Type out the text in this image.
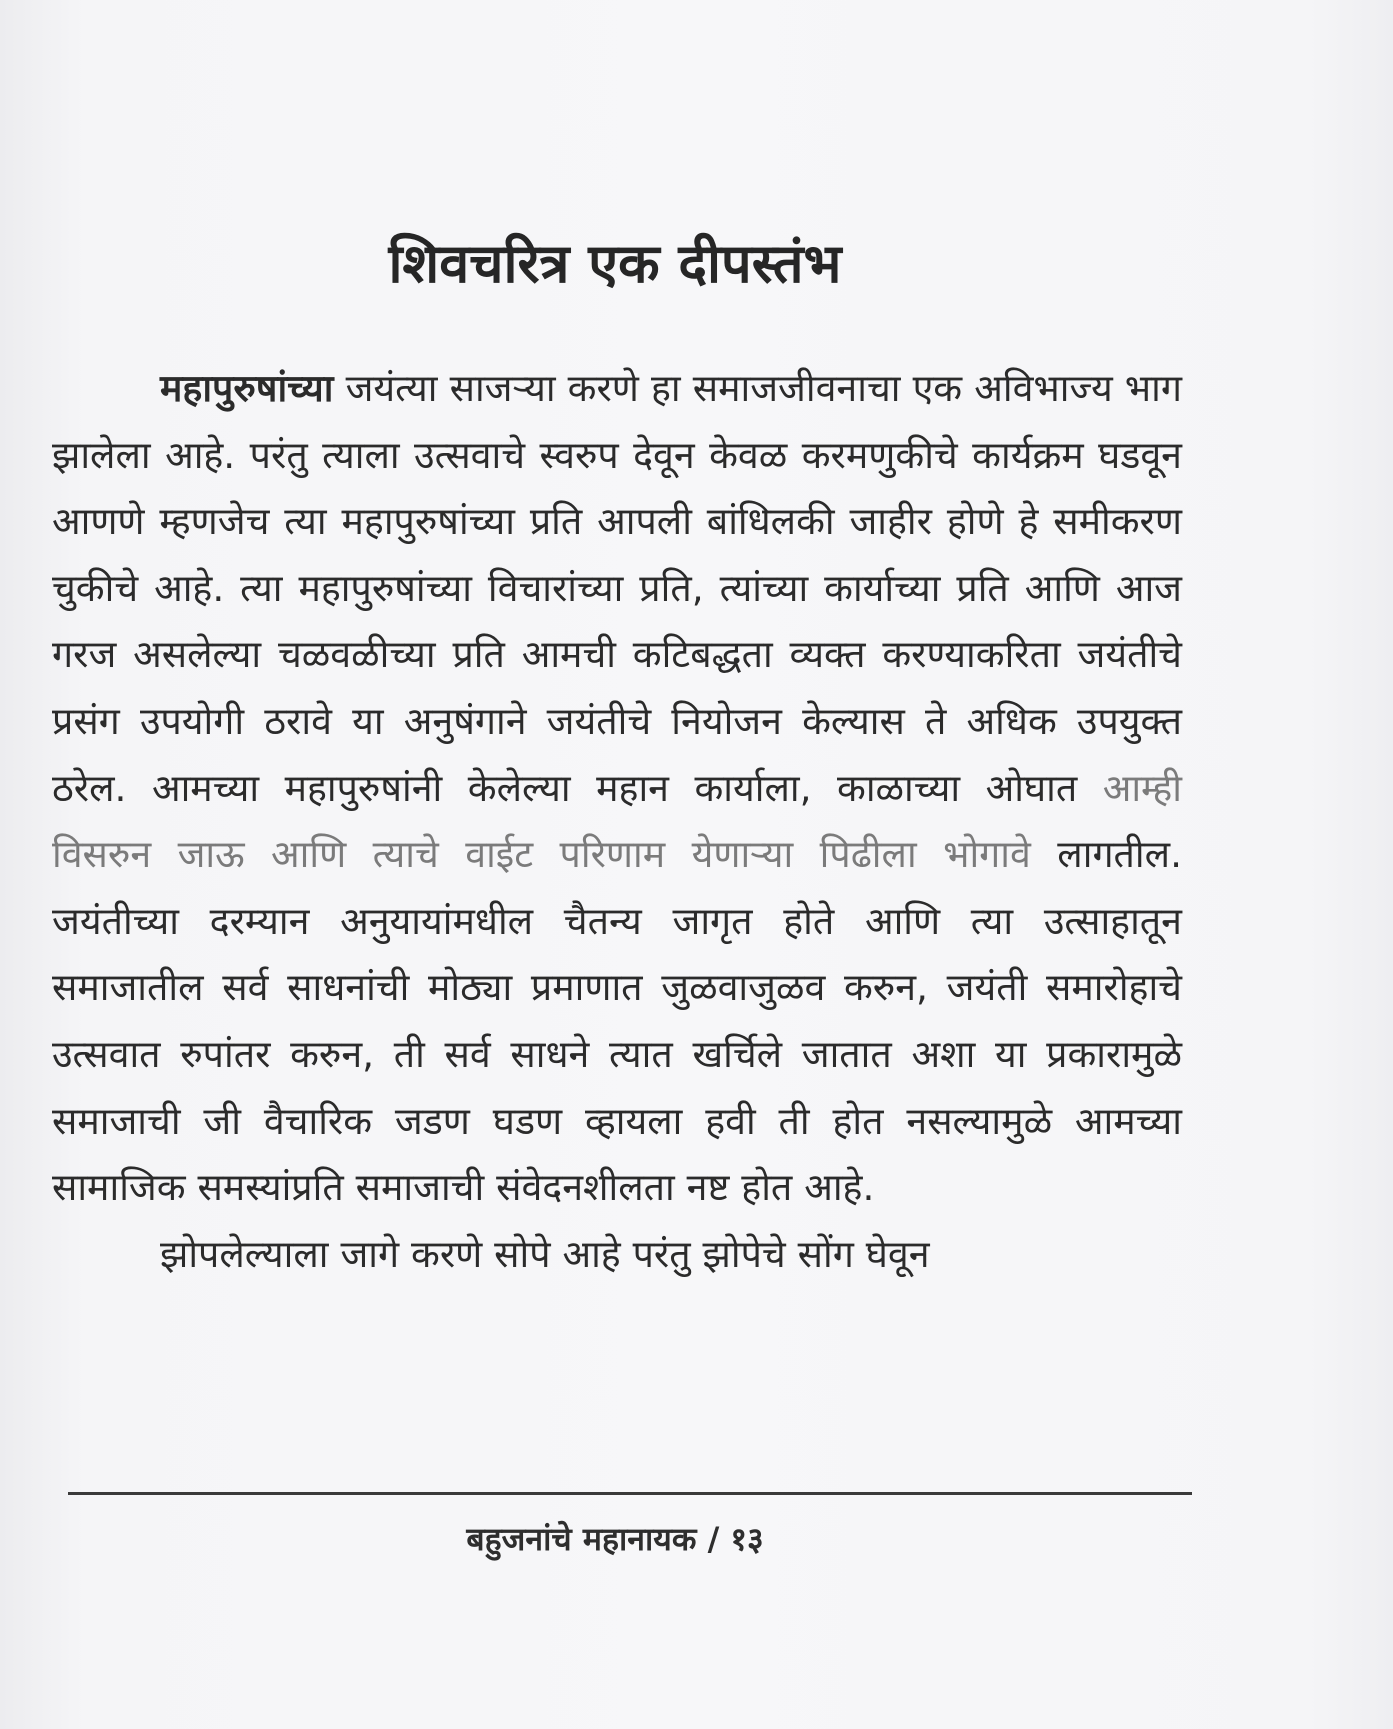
शिवचरित्र एक दीपस्तंभ

महापुरुषांच्या जयंत्या साजऱ्या करणे हा समाजजीवनाचा एक अविभाज्य भाग झालेला आहे. परंतु त्याला उत्सवाचे स्वरुप देवून केवळ करमणुकीचे कार्यक्रम घडवून आणणे म्हणजेच त्या महापुरुषांच्या प्रति आपली बांधिलकी जाहीर होणे हे समीकरण चुकीचे आहे. त्या महापुरुषांच्या विचारांच्या प्रति, त्यांच्या कार्याच्या प्रति आणि आज गरज असलेल्या चळवळीच्या प्रति आमची कटिबद्धता व्यक्त करण्याकरिता जयंतीचे प्रसंग उपयोगी ठरावे या अनुषंगाने जयंतीचे नियोजन केल्यास ते अधिक उपयुक्त ठरेल. आमच्या महापुरुषांनी केलेल्या महान कार्याला, काळाच्या ओघात आम्ही विसरुन जाऊ आणि त्याचे वाईट परिणाम येणाऱ्या पिढीला भोगावे लागतील. जयंतीच्या दरम्यान अनुयायांमधील चैतन्य जागृत होते आणि त्या उत्साहातून समाजातील सर्व साधनांची मोठ्या प्रमाणात जुळवाजुळव करुन, जयंती समारोहाचे उत्सवात रुपांतर करुन, ती सर्व साधने त्यात खर्चिले जातात अशा या प्रकारामुळे समाजाची जी वैचारिक जडण घडण व्हायला हवी ती होत नसल्यामुळे आमच्या सामाजिक समस्यांप्रति समाजाची संवेदनशीलता नष्ट होत आहे.

झोपलेल्याला जागे करणे सोपे आहे परंतु झोपेचे सोंग घेवून

बहुजनांचे महानायक / १३
